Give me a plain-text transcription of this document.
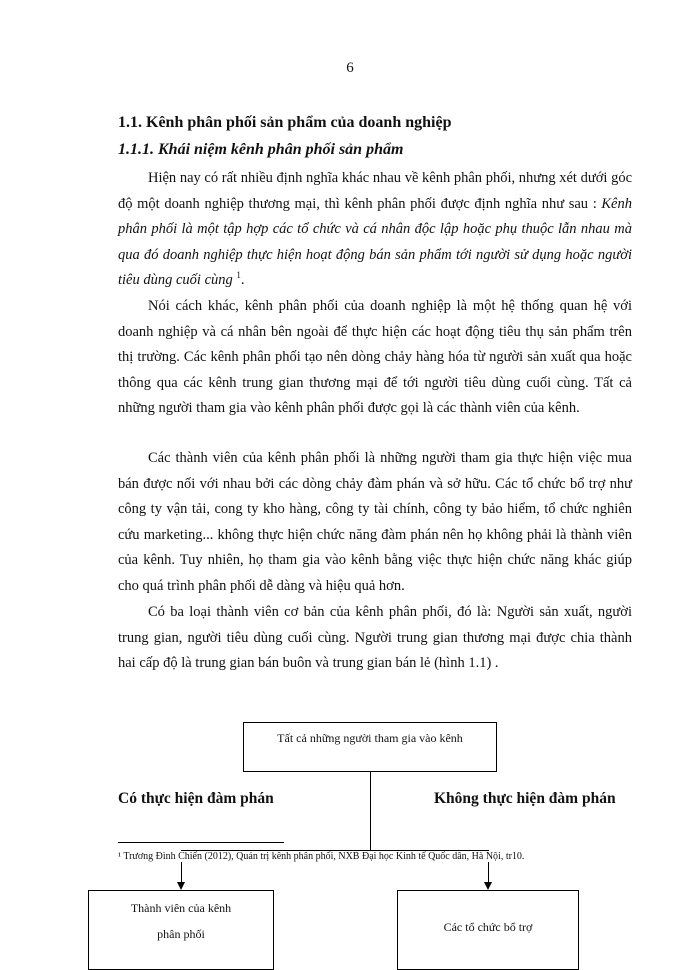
6
1.1. Kênh phân phối sản phẩm của doanh nghiệp
1.1.1. Khái niệm kênh phân phối sản phẩm
Hiện nay có rất nhiều định nghĩa khác nhau về kênh phân phối, nhưng xét dưới góc độ một doanh nghiệp thương mại, thì kênh phân phối được định nghĩa như sau : Kênh phân phối là một tập hợp các tổ chức và cá nhân độc lập hoặc phụ thuộc lẫn nhau mà qua đó doanh nghiệp thực hiện hoạt động bán sản phẩm tới người sử dụng hoặc người tiêu dùng cuối cùng $^1$.
Nói cách khác, kênh phân phối của doanh nghiệp là một hệ thống quan hệ với doanh nghiệp và cá nhân bên ngoài để thực hiện các hoạt động tiêu thụ sản phẩm trên thị trường. Các kênh phân phối tạo nên dòng chảy hàng hóa từ người sản xuất qua hoặc thông qua các kênh trung gian thương mại để tới người tiêu dùng cuối cùng. Tất cả những người tham gia vào kênh phân phối được gọi là các thành viên của kênh.
Các thành viên của kênh phân phối là những người tham gia thực hiện việc mua bán được nối với nhau bởi các dòng chảy đàm phán và sở hữu. Các tổ chức bổ trợ như công ty vận tải, cong ty kho hàng, công ty tài chính, công ty bảo hiểm, tổ chức nghiên cứu marketing... không thực hiện chức năng đàm phán nên họ không phải là thành viên của kênh. Tuy nhiên, họ tham gia vào kênh bằng việc thực hiện chức năng khác giúp cho quá trình phân phối dễ dàng và hiệu quả hơn.
Có ba loại thành viên cơ bản của kênh phân phối, đó là: Người sản xuất, người trung gian, người tiêu dùng cuối cùng. Người trung gian thương mại được chia thành hai cấp độ là trung gian bán buôn và trung gian bán lẻ (hình 1.1) .
Tất cả những người tham gia vào kênh
Có thực hiện đàm phán	Không thực hiện đàm phán
¹ Trương Đình Chiến (2012), Quản trị kênh phân phối, NXB Đại học Kinh tế Quốc dân, Hà Nội, tr10.
Thành viên của kênh
phân phối	Các tổ chức bổ trợ
